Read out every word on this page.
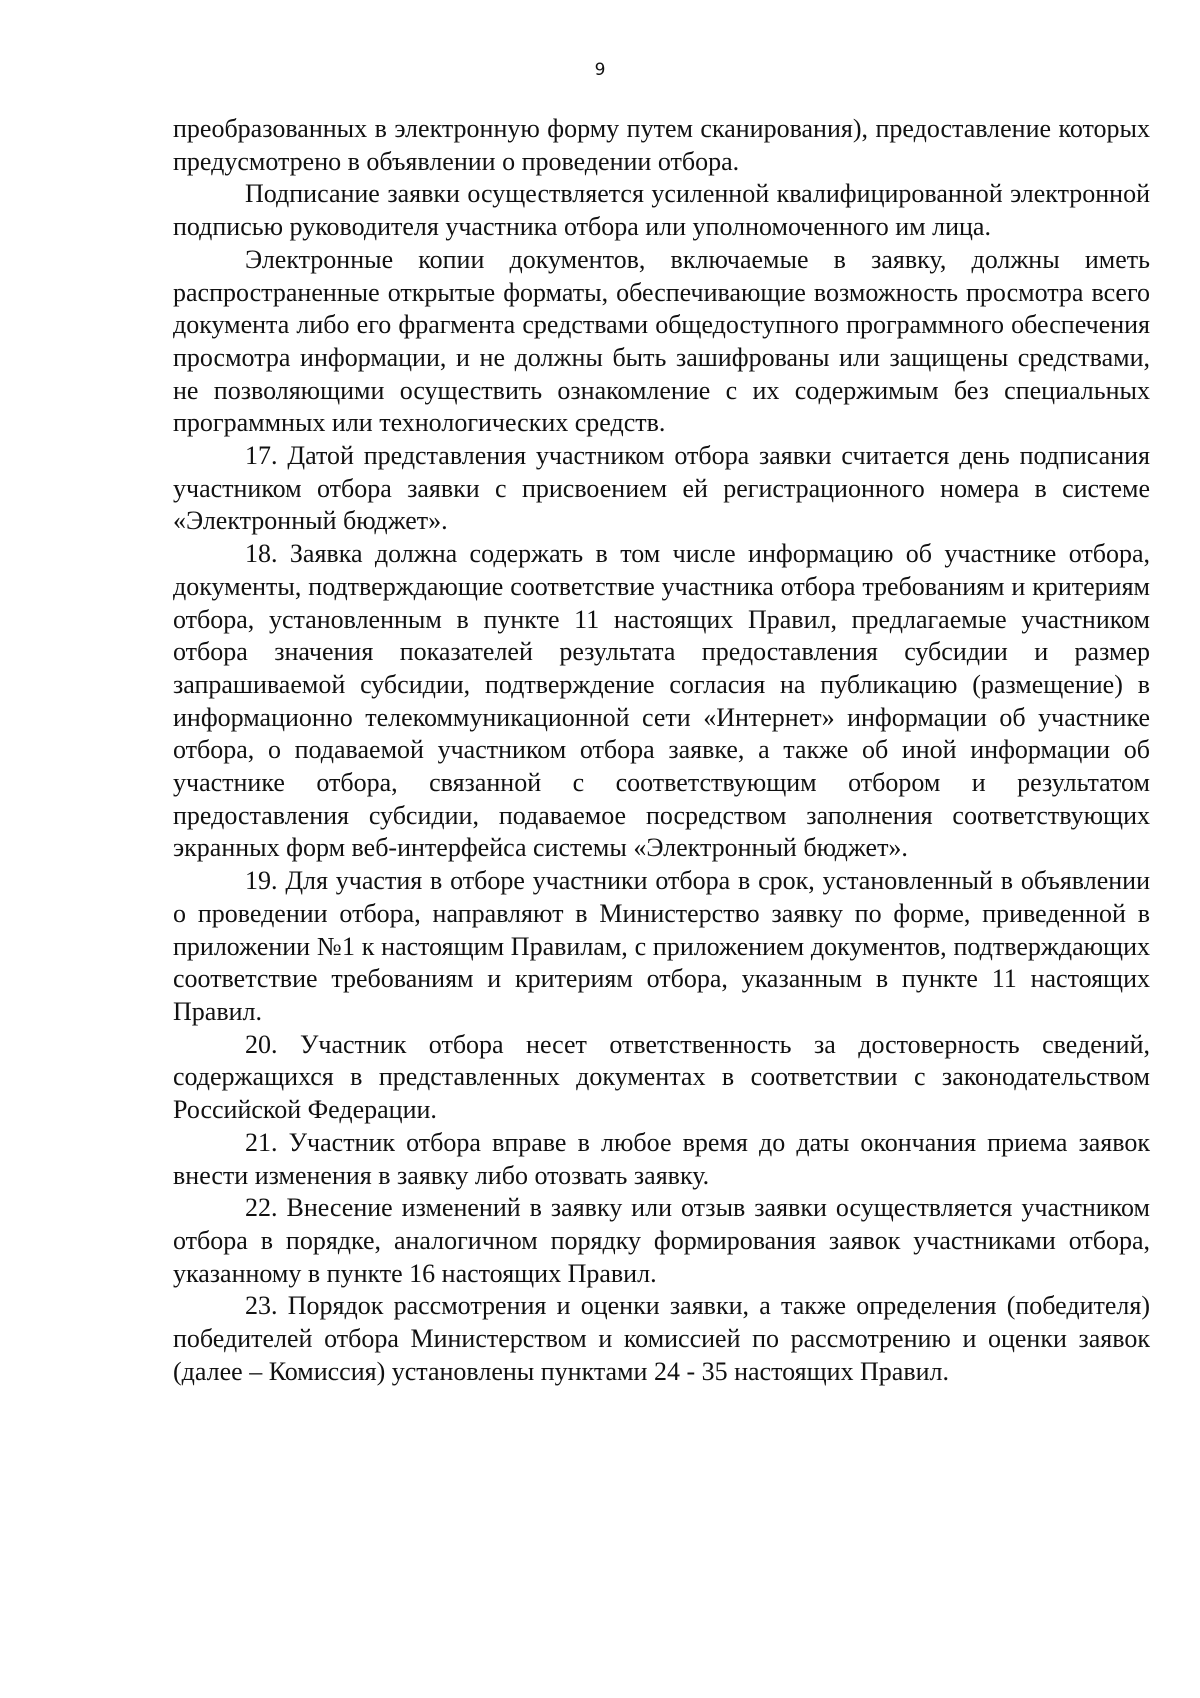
9

преобразованных в электронную форму путем сканирования), предоставление которых предусмотрено в объявлении о проведении отбора.

Подписание заявки осуществляется усиленной квалифицированной электронной подписью руководителя участника отбора или уполномоченного им лица.

Электронные копии документов, включаемые в заявку, должны иметь распространенные открытые форматы, обеспечивающие возможность просмотра всего документа либо его фрагмента средствами общедоступного программного обеспечения просмотра информации, и не должны быть зашифрованы или защищены средствами, не позволяющими осуществить ознакомление с их содержимым без специальных программных или технологических средств.

17. Датой представления участником отбора заявки считается день подписания участником отбора заявки с присвоением ей регистрационного номера в системе «Электронный бюджет».

18. Заявка должна содержать в том числе информацию об участнике отбора, документы, подтверждающие соответствие участника отбора требованиям и критериям отбора, установленным в пункте 11 настоящих Правил, предлагаемые участником отбора значения показателей результата предоставления субсидии и размер запрашиваемой субсидии, подтверждение согласия на публикацию (размещение) в информационно телекоммуникационной сети «Интернет» информации об участнике отбора, о подаваемой участником отбора заявке, а также об иной информации об участнике отбора, связанной с соответствующим отбором и результатом предоставления субсидии, подаваемое посредством заполнения соответствующих экранных форм веб-интерфейса системы «Электронный бюджет».

19. Для участия в отборе участники отбора в срок, установленный в объявлении о проведении отбора, направляют в Министерство заявку по форме, приведенной в приложении №1 к настоящим Правилам, с приложением документов, подтверждающих соответствие требованиям и критериям отбора, указанным в пункте 11 настоящих Правил.

20. Участник отбора несет ответственность за достоверность сведений, содержащихся в представленных документах в соответствии с законодательством Российской Федерации.

21. Участник отбора вправе в любое время до даты окончания приема заявок внести изменения в заявку либо отозвать заявку.

22. Внесение изменений в заявку или отзыв заявки осуществляется участником отбора в порядке, аналогичном порядку формирования заявок участниками отбора, указанному в пункте 16 настоящих Правил.

23. Порядок рассмотрения и оценки заявки, а также определения (победителя) победителей отбора Министерством и комиссией по рассмотрению и оценки заявок (далее – Комиссия) установлены пунктами 24 - 35 настоящих Правил.
